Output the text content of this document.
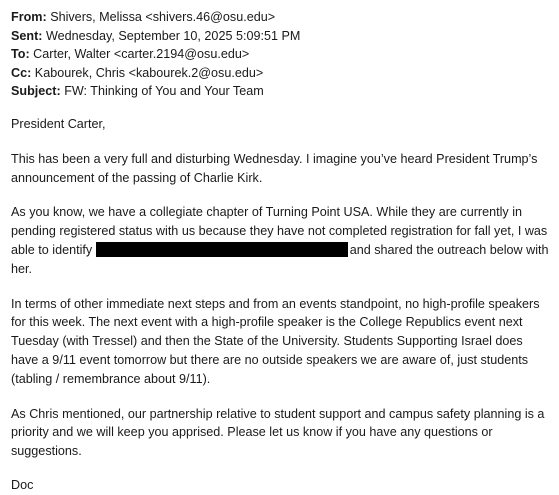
From: Shivers, Melissa <shivers.46@osu.edu>
Sent: Wednesday, September 10, 2025 5:09:51 PM
To: Carter, Walter <carter.2194@osu.edu>
Cc: Kabourek, Chris <kabourek.2@osu.edu>
Subject: FW: Thinking of You and Your Team

President Carter,

This has been a very full and disturbing Wednesday. I imagine you’ve heard President Trump’s announcement of the passing of Charlie Kirk.

As you know, we have a collegiate chapter of Turning Point USA. While they are currently in pending registered status with us because they have not completed registration for fall yet, I was able to identify	and shared the outreach below with her.

In terms of other immediate next steps and from an events standpoint, no high-profile speakers for this week. The next event with a high-profile speaker is the College Republics event next Tuesday (with Tressel) and then the State of the University. Students Supporting Israel does have a 9/11 event tomorrow but there are no outside speakers we are aware of, just students (tabling / remembrance about 9/11).

As Chris mentioned, our partnership relative to student support and campus safety planning is a priority and we will keep you apprised. Please let us know if you have any questions or suggestions.

Doc
